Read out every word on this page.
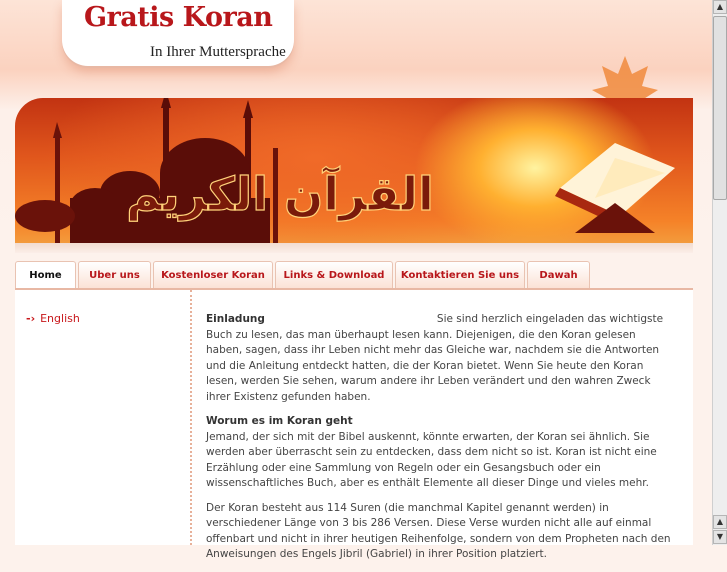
Gratis Koran
In Ihrer Muttersprache
القرآن الكريم
Home	Uber uns	Kostenloser Koran	Links & Download	Kontaktieren Sie uns	Dawah
-› English	Einladung	Sie sind herzlich eingeladen das wichtigste Buch zu lesen, das man überhaupt lesen kann. Diejenigen, die den Koran gelesen haben, sagen, dass ihr Leben nicht mehr das Gleiche war, nachdem sie die Antworten und die Anleitung entdeckt hatten, die der Koran bietet. Wenn Sie heute den Koran lesen, werden Sie sehen, warum andere ihr Leben verändert und den wahren Zweck ihrer Existenz gefunden haben.

Worum es im Koran geht
Jemand, der sich mit der Bibel auskennt, könnte erwarten, der Koran sei ähnlich. Sie werden aber überrascht sein zu entdecken, dass dem nicht so ist. Koran ist nicht eine Erzählung oder eine Sammlung von Regeln oder ein Gesangsbuch oder ein wissenschaftliches Buch, aber es enthält Elemente all dieser Dinge und vieles mehr.

Der Koran besteht aus 114 Suren (die manchmal Kapitel genannt werden) in verschiedener Länge von 3 bis 286 Versen. Diese Verse wurden nicht alle auf einmal offenbart und nicht in ihrer heutigen Reihenfolge, sondern von dem Propheten nach den Anweisungen des Engels Jibril (Gabriel) in ihrer Position platziert.

▲
▲
▼
